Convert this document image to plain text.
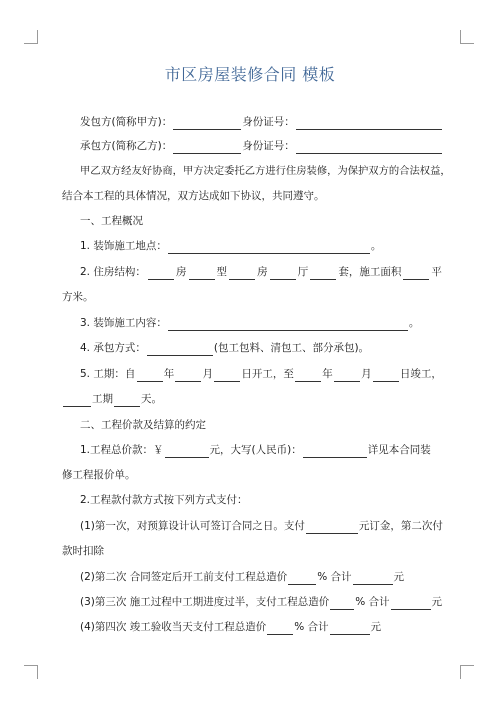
市区房屋装修合同 模板
发包方(简称甲方)：	身份证号：
承包方(简称乙方)：	身份证号：
甲乙双方经友好协商，甲方决定委托乙方进行住房装修，为保护双方的合法权益，
结合本工程的具体情况，双方达成如下协议，共同遵守。
一、工程概况
1. 装饰施工地点：	。
2. 住房结构：	房	型	房	厅	套，施工面积	平
方米。
3. 装饰施工内容：	。
4. 承包方式：	(包工包料、清包工、部分承包)。
5. 工期：自	年	月	日开工，至	年	月	日竣工，
工期	天。
二、工程价款及结算的约定
1.工程总价款：￥	元，大写(人民币)：	详见本合同装
修工程报价单。
2.工程款付款方式按下列方式支付：
(1)第一次，对预算设计认可签订合同之日。支付	元订金，第二次付
款时扣除
(2)第二次 合同签定后开工前支付工程总造价	% 合计	元
(3)第三次 施工过程中工期进度过半，支付工程总造价 % 合计	元
(4)第四次 竣工验收当天支付工程总造价	% 合计	元
